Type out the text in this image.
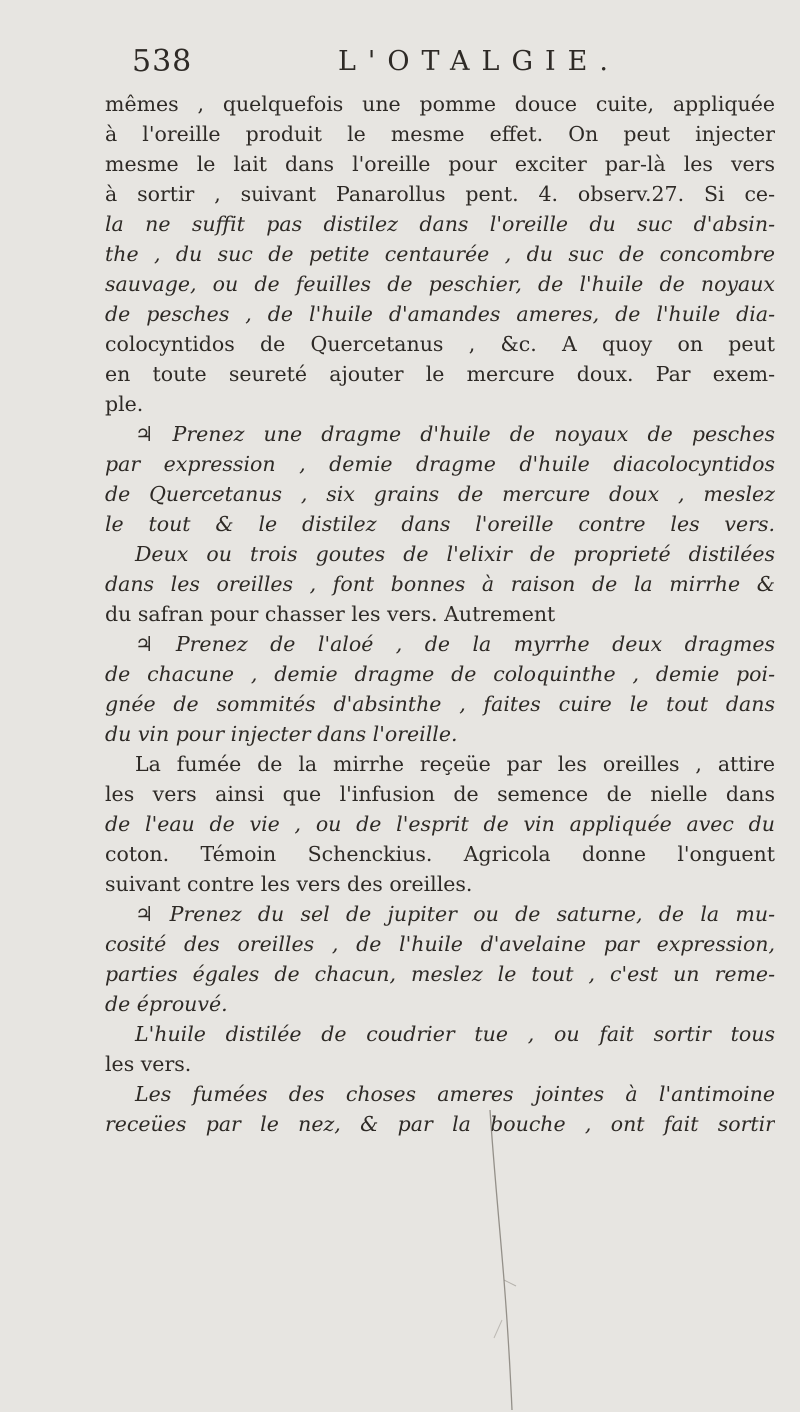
538	L'OTALGIE.
mêmes , quelquefois une pomme douce cuite, appliquée
à l'oreille produit le mesme effet. On peut injecter
mesme le lait dans l'oreille pour exciter par-là les vers
à sortir , suivant Panarollus pent. 4. observ.27. Si ce-
la ne suffit pas distilez dans l'oreille du suc d'absin-
the , du suc de petite centaurée , du suc de concombre
sauvage, ou de feuilles de peschier, de l'huile de noyaux
de pesches , de l'huile d'amandes ameres, de l'huile dia-
colocyntidos de Quercetanus , &c. A quoy on peut
en toute seureté ajouter le mercure doux. Par exem-
ple.
♃ Prenez une dragme d'huile de noyaux de pesches
par expression , demie dragme d'huile diacolocyntidos
de Quercetanus , six grains de mercure doux , meslez
le tout & le distilez dans l'oreille contre les vers.
Deux ou trois goutes de l'elixir de proprieté distilées
dans les oreilles , font bonnes à raison de la mirrhe &
du safran pour chasser les vers. Autrement
♃ Prenez de l'aloé , de la myrrhe deux dragmes
de chacune , demie dragme de coloquinthe , demie poi-
gnée de sommités d'absinthe , faites cuire le tout dans
du vin pour injecter dans l'oreille.
La fumée de la mirrhe reçeüe par les oreilles , attire
les vers ainsi que l'infusion de semence de nielle dans
de l'eau de vie , ou de l'esprit de vin appliquée avec du
coton. Témoin Schenckius. Agricola donne l'onguent
suivant contre les vers des oreilles.
♃ Prenez du sel de jupiter ou de saturne, de la mu-
cosité des oreilles , de l'huile d'avelaine par expression,
parties égales de chacun, meslez le tout , c'est un reme-
de éprouvé.
L'huile distilée de coudrier tue , ou fait sortir tous
les vers.
Les fumées des choses ameres jointes à l'antimoine
receües par le nez, & par la bouche , ont fait sortir
